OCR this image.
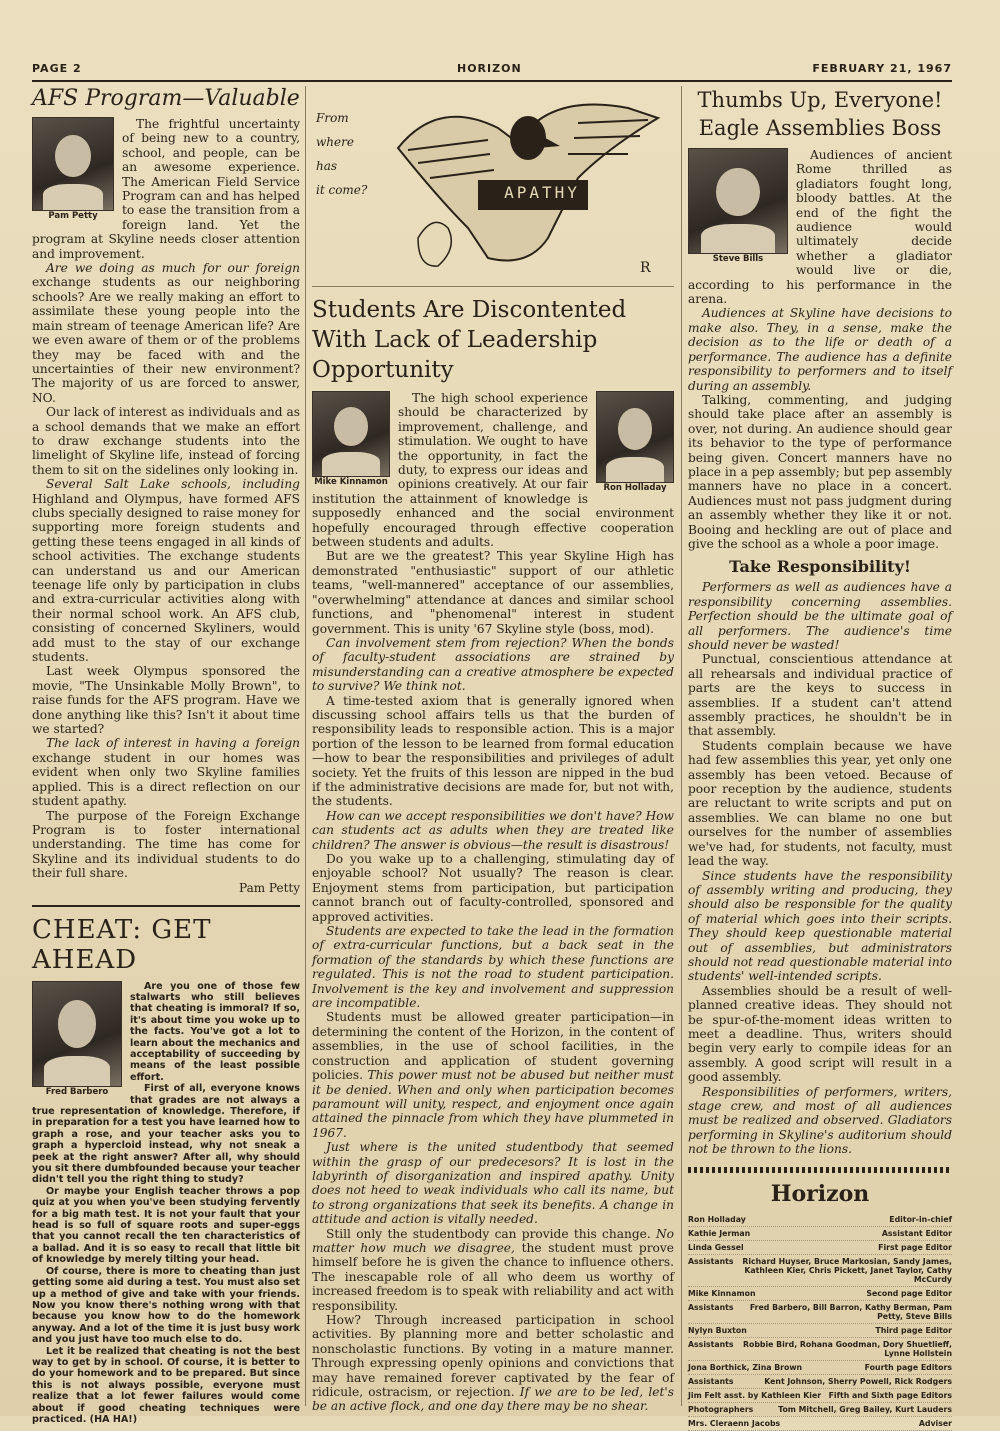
PAGE 2	HORIZON	FEBRUARY 21, 1967
AFS Program—Valuable
Pam Petty

The frightful uncertainty of being new to a country, school, and people, can be an awesome experience. The American Field Service Program can and has helped to ease the transition from a foreign land. Yet the program at Skyline needs closer attention and improvement.

Are we doing as much for our foreign exchange students as our neighboring schools? Are we really making an effort to assimilate these young people into the main stream of teenage American life? Are we even aware of them or of the problems they may be faced with and the uncertainties of their new environment? The majority of us are forced to answer, NO.

Our lack of interest as individuals and as a school demands that we make an effort to draw exchange students into the limelight of Skyline life, instead of forcing them to sit on the sidelines only looking in.

Several Salt Lake schools, including Highland and Olympus, have formed AFS clubs specially designed to raise money for supporting more foreign students and getting these teens engaged in all kinds of school activities. The exchange students can understand us and our American teenage life only by participation in clubs and extra-curricular activities along with their normal school work. An AFS club, consisting of concerned Skyliners, would add must to the stay of our exchange students.

Last week Olympus sponsored the movie, "The Unsinkable Molly Brown", to raise funds for the AFS program. Have we done anything like this? Isn't it about time we started?

The lack of interest in having a foreign exchange student in our homes was evident when only two Skyline families applied. This is a direct reflection on our student apathy.

The purpose of the Foreign Exchange Program is to foster international understanding. The time has come for Skyline and its individual students to do their full share.

Pam Petty
CHEAT: GET AHEAD
Fred Barbero

Are you one of those few stalwarts who still believes that cheating is immoral? If so, it's about time you woke up to the facts. You've got a lot to learn about the mechanics and acceptability of succeeding by means of the least possible effort.

First of all, everyone knows that grades are not always a true representation of knowledge. Therefore, if in preparation for a test you have learned how to graph a rose, and your teacher asks you to graph a hypercloid instead, why not sneak a peek at the right answer? After all, why should you sit there dumbfounded because your teacher didn't tell you the right thing to study?

Or maybe your English teacher throws a pop quiz at you when you've been studying fervently for a big math test. It is not your fault that your head is so full of square roots and super-eggs that you cannot recall the ten characteristics of a ballad. And it is so easy to recall that little bit of knowledge by merely tilting your head.

Of course, there is more to cheating than just getting some aid during a test. You must also set up a method of give and take with your friends. Now you know there's nothing wrong with that because you know how to do the homework anyway. And a lot of the time it is just busy work and you just have too much else to do.

Let it be realized that cheating is not the best way to get by in school. Of course, it is better to do your homework and to be prepared. But since this is not always possible, everyone must realize that a lot fewer failures would come about if good cheating techniques were practiced. (HA HA!)

From
where has
it come?
R
APATHY
Students Are Discontented With Lack of Leadership Opportunity
Mike Kinnamon
Ron Holladay

The high school experience should be characterized by improvement, challenge, and stimulation. We ought to have the opportunity, in fact the duty, to express our ideas and opinions creatively. At our fair institution the attainment of knowledge is supposedly enhanced and the social environment hopefully encouraged through effective cooperation between students and adults.

But are we the greatest? This year Skyline High has demonstrated "enthusiastic" support of our athletic teams, "well-mannered" acceptance of our assemblies, "overwhelming" attendance at dances and similar school functions, and "phenomenal" interest in student government. This is unity '67 Skyline style (boss, mod).

Can involvement stem from rejection? When the bonds of faculty-student associations are strained by misunderstanding can a creative atmosphere be expected to survive? We think not.

A time-tested axiom that is generally ignored when discussing school affairs tells us that the burden of responsibility leads to responsible action. This is a major portion of the lesson to be learned from formal education—how to bear the responsibilities and privileges of adult society. Yet the fruits of this lesson are nipped in the bud if the administrative decisions are made for, but not with, the students.

How can we accept responsibilities we don't have? How can students act as adults when they are treated like children? The answer is obvious—the result is disastrous!

Do you wake up to a challenging, stimulating day of enjoyable school? Not usually? The reason is clear. Enjoyment stems from participation, but participation cannot branch out of faculty-controlled, sponsored and approved activities.

Students are expected to take the lead in the formation of extra-curricular functions, but a back seat in the formation of the standards by which these functions are regulated. This is not the road to student participation. Involvement is the key and involvement and suppression are incompatible.

Students must be allowed greater participation—in determining the content of the Horizon, in the content of assemblies, in the use of school facilities, in the construction and application of student governing policies. This power must not be abused but neither must it be denied. When and only when participation becomes paramount will unity, respect, and enjoyment once again attained the pinnacle from which they have plummeted in 1967.

Just where is the united studentbody that seemed within the grasp of our predecesors? It is lost in the labyrinth of disorganization and inspired apathy. Unity does not heed to weak individuals who call its name, but to strong organizations that seek its benefits. A change in attitude and action is vitally needed.

Still only the studentbody can provide this change. No matter how much we disagree, the student must prove himself before he is given the chance to influence others. The inescapable role of all who deem us worthy of increased freedom is to speak with reliability and act with responsibility.

How? Through increased participation in school activities. By planning more and better scholastic and nonscholastic functions. By voting in a mature manner. Through expressing openly opinions and convictions that may have remained forever captivated by the fear of ridicule, ostracism, or rejection. If we are to be led, let's be an active flock, and one day there may be no shear.

Thumbs Up, Everyone! Eagle Assemblies Boss
Steve Bills

Audiences of ancient Rome thrilled as gladiators fought long, bloody battles. At the end of the fight the audience would ultimately decide whether a gladiator would live or die, according to his performance in the arena.

Audiences at Skyline have decisions to make also. They, in a sense, make the decision as to the life or death of a performance. The audience has a definite responsibility to performers and to itself during an assembly.

Talking, commenting, and judging should take place after an assembly is over, not during. An audience should gear its behavior to the type of performance being given. Concert manners have no place in a pep assembly; but pep assembly manners have no place in a concert. Audiences must not pass judgment during an assembly whether they like it or not. Booing and heckling are out of place and give the school as a whole a poor image.

Take Responsibility!

Performers as well as audiences have a responsibility concerning assemblies. Perfection should be the ultimate goal of all performers. The audience's time should never be wasted!

Punctual, conscientious attendance at all rehearsals and individual practice of parts are the keys to success in assemblies. If a student can't attend assembly practices, he shouldn't be in that assembly.

Students complain because we have had few assemblies this year, yet only one assembly has been vetoed. Because of poor reception by the audience, students are reluctant to write scripts and put on assemblies. We can blame no one but ourselves for the number of assemblies we've had, for students, not faculty, must lead the way.

Since students have the responsibility of assembly writing and producing, they should also be responsible for the quality of material which goes into their scripts. They should keep questionable material out of assemblies, but administrators should not read questionable material into students' well-intended scripts.

Assemblies should be a result of well-planned creative ideas. They should not be spur-of-the-moment ideas written to meet a deadline. Thus, writers should begin very early to compile ideas for an assembly. A good script will result in a good assembly.

Responsibilities of performers, writers, stage crew, and most of all audiences must be realized and observed. Gladiators performing in Skyline's auditorium should not be thrown to the lions.

Horizon
Ron Holladay	Editor-in-chief
Kathie Jerman	Assistant Editor
Linda Gessel	First page Editor
Assistants	Richard Huyser, Bruce Markosian, Sandy James, Kathleen Kier, Chris Pickett, Janet Taylor, Cathy McCurdy
Mike Kinnamon	Second page Editor
Assistants	Fred Barbero, Bill Barron, Kathy Berman, Pam Petty, Steve Bills
Nylyn Buxton	Third page Editor
Assistants	Robbie Bird, Rohana Goodman, Dory Shuetlieff, Lynne Hollstein
Jona Borthick, Zina Brown	Fourth page Editors
Assistants	Kent Johnson, Sherry Powell, Rick Rodgers
Jim Felt asst. by Kathleen Kier Fifth and Sixth page Editors
Photographers	Tom Mitchell, Greg Bailey, Kurt Lauders
Mrs. Cleraenn Jacobs	Adviser
